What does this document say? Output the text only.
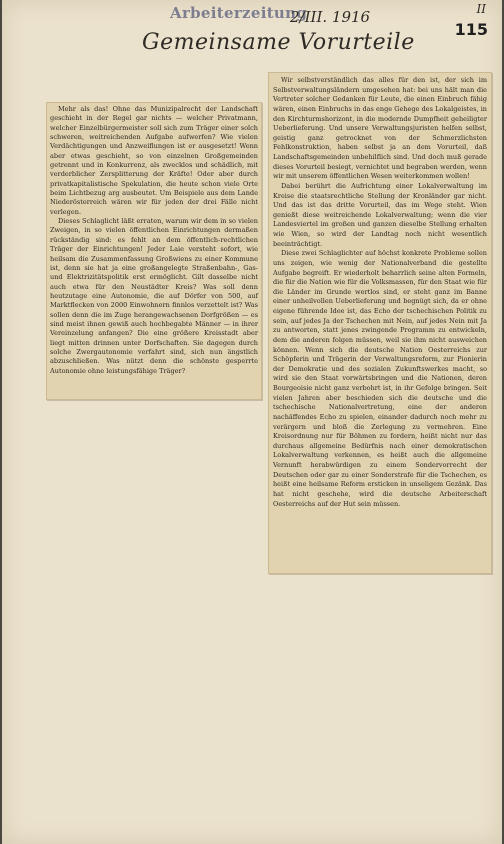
Arbeiterzeitung
2/III. 1916	II
115
Gemeinsame Vorurteile

Mehr als das! Ohne das Munizipalrecht der Landschaft geschieht in der Regel gar nichts — welcher Privatmann, welcher Einzelbürgermeister soll sich zum Träger einer solch schweren, weitreichenden Aufgabe aufwerfen? Wie vielen Verdächtigungen und Anzweiflungen ist er ausgesetzt! Wenn aber etwas geschieht, so von einzelnen Großgemeinden getrennt und in Konkurrenz, als zwecklos und schädlich, mit verderblicher Zersplitterung der Kräfte! Oder aber durch privatkapitalistische Spekulation, die heute schon viele Orte beim Lichtbezug arg ausbeutet. Um Beispiele aus dem Lande Niederösterreich wären wir für jeden der drei Fälle nicht verlegen.

Dieses Schlaglicht läßt erraten, warum wir dem in so vielen Zweigen, in so vielen öffentlichen Einrichtungen dermaßen rückständig sind: es fehlt an dem öffentlich-rechtlichen Träger der Einrichtungen! Jeder Laie versteht sofort, wie heilsam die Zusammenfassung Großwiens zu einer Kommune ist, denn sie hat ja eine großangelegte Straßenbahn-, Gas- und Elektrizitätspolitik erst ermöglicht. Gilt dasselbe nicht auch etwa für den Neustädter Kreis? Was soll denn heutzutage eine Autonomie, die auf Dörfer von 500, auf Marktflecken von 2000 Einwohnern finnlos verzettelt ist? Was sollen denn die im Zuge herangewachsenen Dorfgrößen — es sind meist ihnen gewiß auch hochbegabte Männer — in ihrer Vereinzelung anfangen? Die eine größere Kreisstadt aber liegt mitten drinnen unter Dorfschaften. Sie dagegen durch solche Zwergautonomie verfahrt sind, sich nun ängstlich abzuschließen. Was nützt denn die schönste gesperrte Autonomie ohne leistungsfähige Träger?

Wir selbstverständlich das alles für den ist, der sich im Selbstverwaltungsländern umgesehen hat: bei uns hält man die Vertreter solcher Gedanken für Leute, die einen Einbruch fähig wären, einen Einbruchs in das enge Gehege des Lokalgeistes, in den Kirchturmshorizont, in die modernde Dumpfheit geheiligter Ueberlieferung. Und unsere Verwaltungsjuristen helfen selbst, geistig ganz getrocknet von der Schmerzlichsten Fehlkonstruktion, haben selbst ja an dem Vorurteil, daß Landschaftsgemeinden unbehilflich sind. Und doch muß gerade dieses Vorurteil besiegt, vernichtet und begraben werden, wenn wir mit unserem öffentlichen Wesen weiterkommen wollen!

Dabei berührt die Aufrichtung einer Lokalverwaltung im Kreise die staatsrechtliche Stellung der Kronländer gar nicht. Und das ist das dritte Vorurteil, das im Wege steht. Wien genießt diese weitreichende Lokalverwaltung; wenn die vier Landesviertel im großen und ganzen dieselbe Stellung erhalten wie Wien, so wird der Landtag noch nicht wesentlich beeinträchtigt.

Diese zwei Schlaglichter auf höchst konkrete Probleme sollen uns zeigen, wie wenig der Nationalverband die gestellte Aufgabe begreift. Er wiederholt beharrlich seine alten Formeln, die für die Nation wie für die Volksmassen, für den Staat wie für die Länder im Grunde wertlos sind, er steht ganz im Banne einer unheilvollen Ueberlieferung und begnügt sich, da er ohne eigene führende Idee ist, das Echo der tschechischen Politik zu sein, auf jedes Ja der Tschechen mit Nein, auf jedes Nein mit Ja zu antworten, statt jenes zwingende Programm zu entwickeln, dem die anderen folgen müssen, weil sie ihm nicht ausweichen können. Wenn sich die deutsche Nation Oesterreichs zur Schöpferin und Trägerin der Verwaltungsreform, zur Pionierin der Demokratie und des sozialen Zukunftswerkes macht, so wird sie den Staat vorwärtsbringen und die Nationen, deren Bourgeoisie nicht ganz verbohrt ist, in ihr Gefolge bringen. Seit vielen Jahren aber beschieden sich die deutsche und die tschechische Nationalvertretung, eine der anderen nachäffendes Echo zu spielen, einander dadurch noch mehr zu verärgern und bloß die Zerlegung zu vermehren. Eine Kreisordnung nur für Böhmen zu fordern, heißt nicht nur das durchaus allgemeine Bedürfnis nach einer demokratischen Lokalverwaltung verkennen, es heißt auch die allgemeine Vernunft herabwürdigen zu einem Sondervorrecht der Deutschen oder gar zu einer Sonderstrafe für die Tschechen, es heißt eine heilsame Reform ersticken in unseligem Gezänk. Das hat nicht geschehe, wird die deutsche Arbeiterschaft Oesterreichs auf der Hut sein müssen.
